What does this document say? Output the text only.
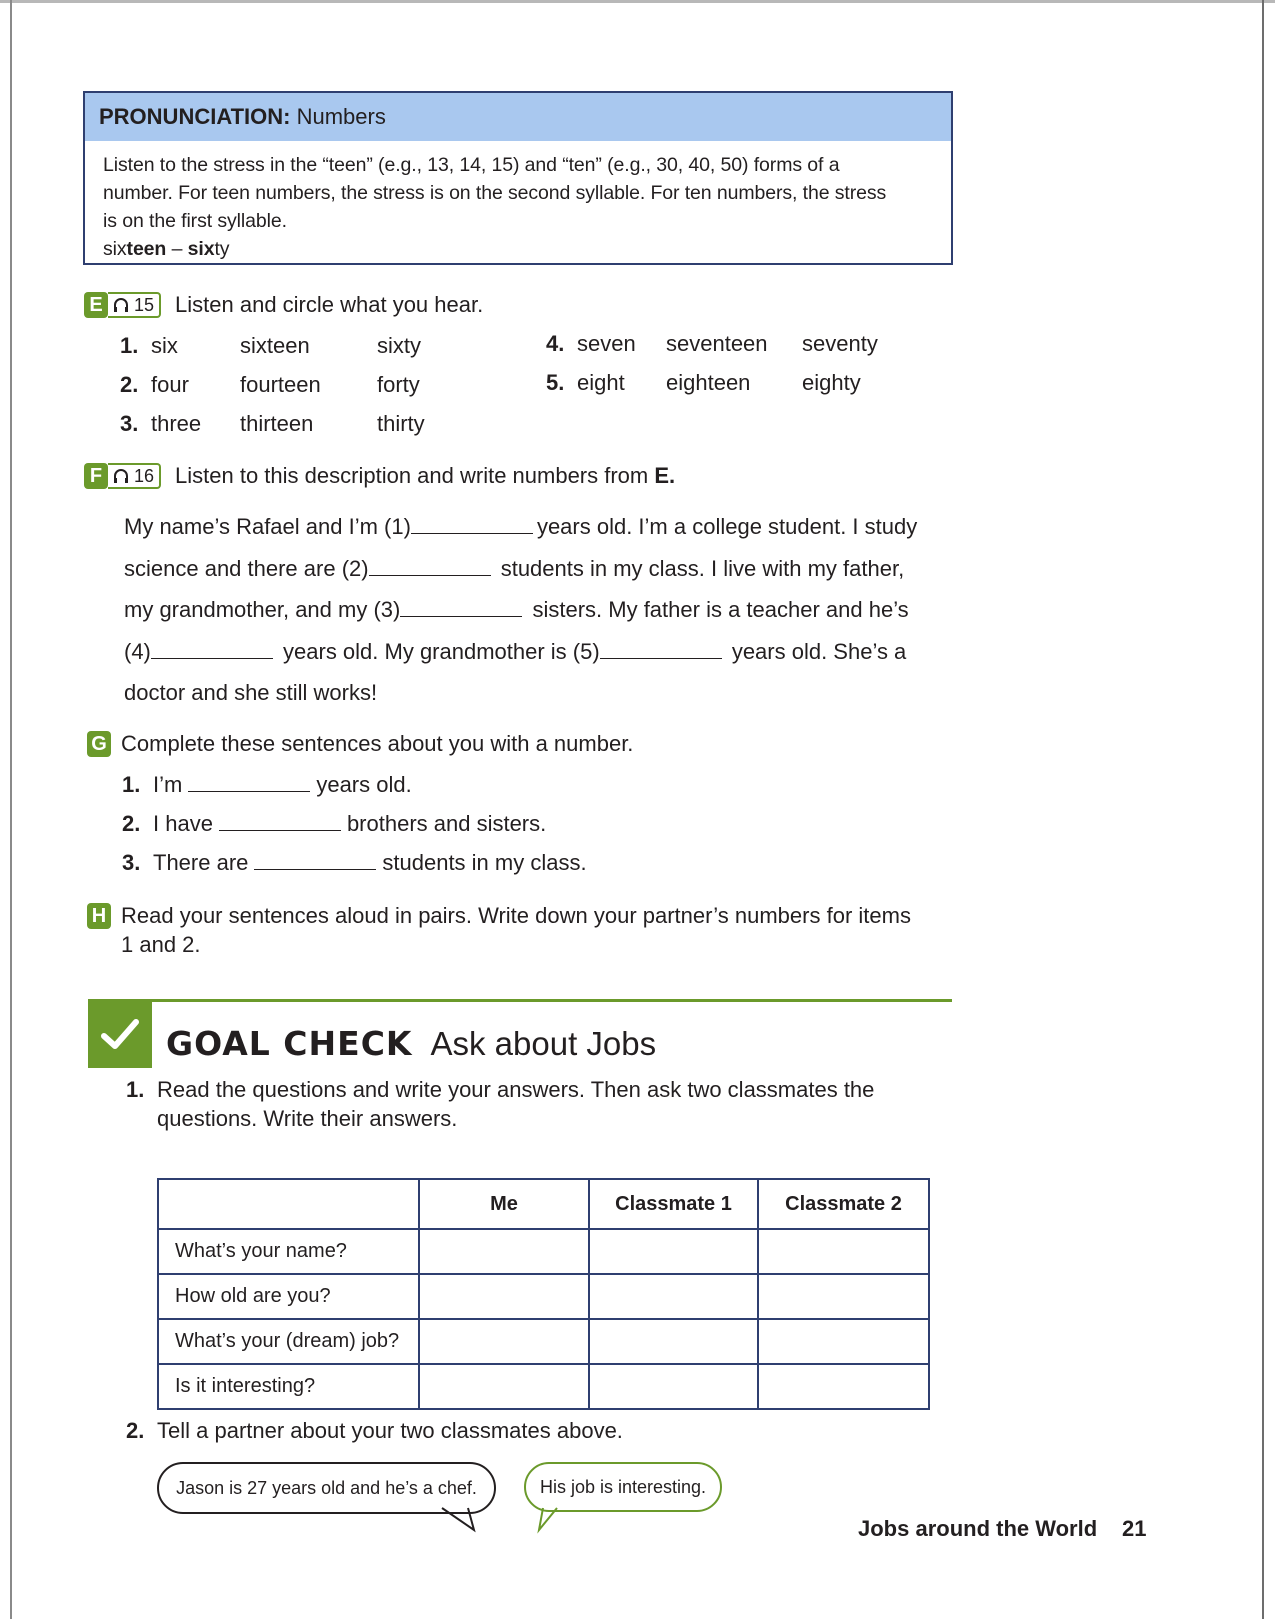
PRONUNCIATION: Numbers
Listen to the stress in the “teen” (e.g., 13, 14, 15) and “ten” (e.g., 30, 40, 50) forms of a
number. For teen numbers, the stress is on the second syllable. For ten numbers, the stress
is on the first syllable.
sixteen – sixty
E 15 Listen and circle what you hear.
1. six	sixteen	sixty
2. four	fourteen	forty
3. three	thirteen	thirty
4. seven	seventeen	seventy
5. eight	eighteen	eighty
F	16 Listen to this description and write numbers from E.
My name’s Rafael and I’m (1)	years old. I’m a college student. I study
science and there are (2)	students in my class. I live with my father,
my grandmother, and my (3)	sisters. My father is a teacher and he’s
(4)	years old. My grandmother is (5)	years old. She’s a
doctor and she still works!
G Complete these sentences about you with a number.
1. I’m	years old.
2. I have	brothers and sisters.
3. There are	students in my class.
H Read your sentences aloud in pairs. Write down your partner’s numbers for items
1 and 2.
GOAL CHECK Ask about Jobs
1. Read the questions and write your answers. Then ask two classmates the
questions. Write their answers.
	Me	Classmate 1	Classmate 2
What’s your name?			
How old are you?			
What’s your (dream) job?			
Is it interesting?			
2. Tell a partner about your two classmates above.
Jason is 27 years old and he’s a chef.	His job is interesting.
Jobs around the World 21
